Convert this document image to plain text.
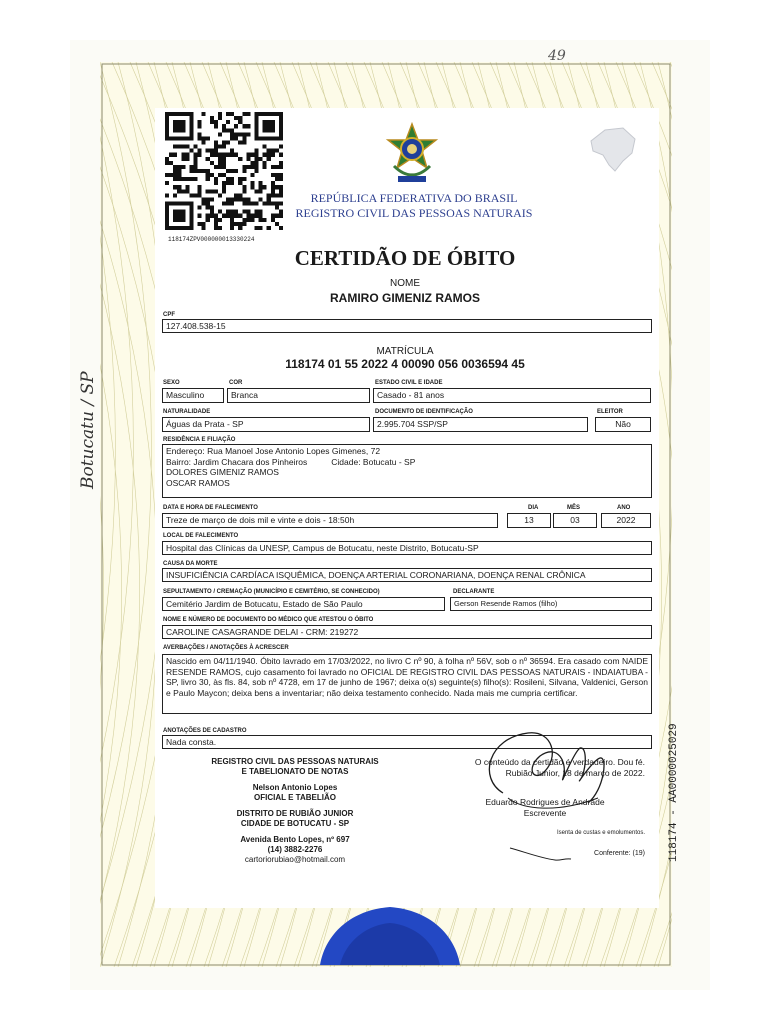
118174ZPV000000013330224
REPÚBLICA FEDERATIVA DO BRASIL
REGISTRO CIVIL DAS PESSOAS NATURAIS
CERTIDÃO DE ÓBITO
NOME
RAMIRO GIMENIZ RAMOS
CPF
127.408.538-15
MATRÍCULA
118174 01 55 2022 4 00090 056 0036594 45
SEXO	COR	ESTADO CIVIL E IDADE
Masculino	Branca	Casado - 81 anos
NATURALIDADE	DOCUMENTO DE IDENTIFICAÇÃO	ELEITOR
Águas da Prata - SP	2.995.704 SSP/SP	Não
RESIDÊNCIA E FILIAÇÃO
Endereço: Rua Manoel Jose Antonio Lopes Gimenes, 72
Bairro: Jardim Chacara dos Pinheiros	Cidade: Botucatu - SP
DOLORES GIMENIZ RAMOS
OSCAR RAMOS
DATA E HORA DE FALECIMENTO	DIA	MÊS	ANO
Treze de março de dois mil e vinte e dois - 18:50h	13	03	2022
LOCAL DE FALECIMENTO
Hospital das Clínicas da UNESP, Campus de Botucatu, neste Distrito, Botucatu-SP
CAUSA DA MORTE
INSUFICIÊNCIA CARDÍACA ISQUÊMICA, DOENÇA ARTERIAL CORONARIANA, DOENÇA RENAL CRÔNICA
SEPULTAMENTO / CREMAÇÃO (MUNICÍPIO E CEMITÉRIO, SE CONHECIDO)	DECLARANTE
Cemitério Jardim de Botucatu, Estado de São Paulo	Gerson Resende Ramos (filho)
NOME E NÚMERO DE DOCUMENTO DO MÉDICO QUE ATESTOU O ÓBITO
CAROLINE CASAGRANDE DELAI - CRM: 219272
AVERBAÇÕES / ANOTAÇÕES À ACRESCER
Nascido em 04/11/1940. Óbito lavrado em 17/03/2022, no livro C nº 90, à folha nº 56V, sob o nº 36594. Era casado com NAIDE RESENDE RAMOS, cujo casamento foi lavrado no OFICIAL DE REGISTRO CIVIL DAS PESSOAS NATURAIS - INDAIATUBA - SP, livro 30, às fls. 84, sob nº 4728, em 17 de junho de 1967; deixa o(s) seguinte(s) filho(s): Rosileni, Silvana, Valdenici, Gerson e Paulo Maycon; deixa bens a inventariar; não deixa testamento conhecido. Nada mais me cumpria certificar.
ANOTAÇÕES DE CADASTRO
Nada consta.
REGISTRO CIVIL DAS PESSOAS NATURAIS
E TABELIONATO DE NOTAS
Nelson Antonio Lopes
OFICIAL E TABELIÃO
DISTRITO DE RUBIÃO JUNIOR
CIDADE DE BOTUCATU - SP
Avenida Bento Lopes, nº 697
(14) 3882-2276
cartoriorubiao@hotmail.com
O conteúdo da certidão é verdadeiro. Dou fé.
Rubião Junior, 18 de março de 2022.
Eduardo Rodrigues de Andrade
Escrevente
Isenta de custas e emolumentos.
Conferente: (19)
Botucatu / SP
49
118174 - AA0000025029
